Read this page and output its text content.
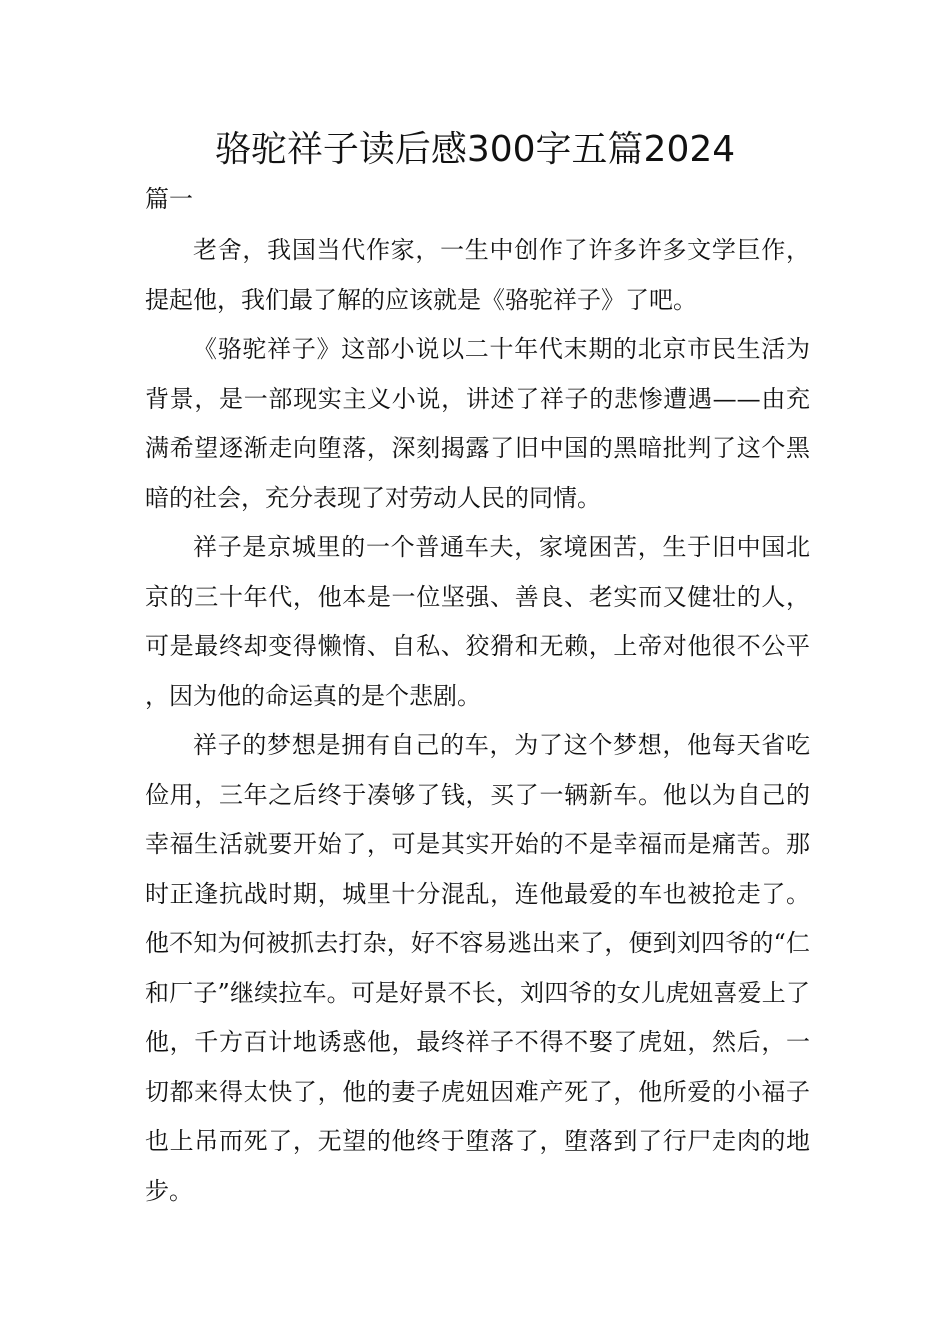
骆驼祥子读后感300字五篇2024
篇一

老舍，我国当代作家，一生中创作了许多许多文学巨作，提起他，我们最了解的应该就是《骆驼祥子》了吧。

《骆驼祥子》这部小说以二十年代末期的北京市民生活为背景，是一部现实主义小说，讲述了祥子的悲惨遭遇——由充满希望逐渐走向堕落，深刻揭露了旧中国的黑暗批判了这个黑暗的社会，充分表现了对劳动人民的同情。

祥子是京城里的一个普通车夫，家境困苦，生于旧中国北京的三十年代，他本是一位坚强、善良、老实而又健壮的人，可是最终却变得懒惰、自私、狡猾和无赖，上帝对他很不公平，因为他的命运真的是个悲剧。

祥子的梦想是拥有自己的车，为了这个梦想，他每天省吃俭用，三年之后终于凑够了钱，买了一辆新车。他以为自己的幸福生活就要开始了，可是其实开始的不是幸福而是痛苦。那时正逢抗战时期，城里十分混乱，连他最爱的车也被抢走了。他不知为何被抓去打杂，好不容易逃出来了，便到刘四爷的“仁和厂子”继续拉车。可是好景不长，刘四爷的女儿虎妞喜爱上了他，千方百计地诱惑他，最终祥子不得不娶了虎妞，然后，一切都来得太快了，他的妻子虎妞因难产死了，他所爱的小福子也上吊而死了，无望的他终于堕落了，堕落到了行尸走肉的地步。
